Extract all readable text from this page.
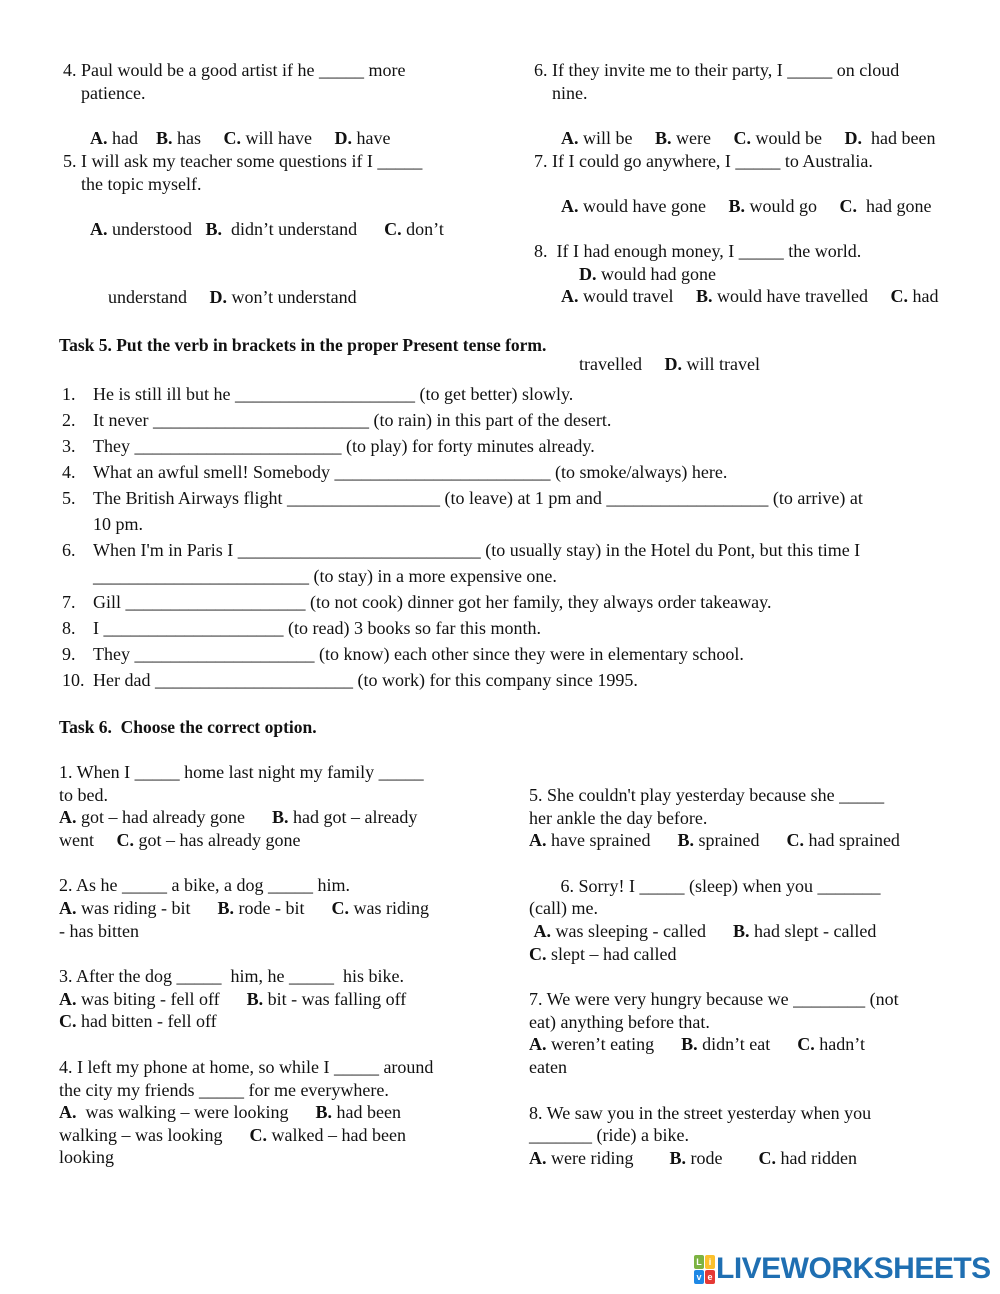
4. Paul would be a good artist if he _____ more
patience.

A. had    B. has     C. will have     D. have

5. I will ask my teacher some questions if I _____
the topic myself.

A. understood   B.  didn’t understand      C. don’t

understand     D. won’t understand

6. If they invite me to their party, I _____ on cloud
nine.

A. will be     B. were     C. would be     D.  had been

7. If I could go anywhere, I _____ to Australia.

A. would have gone     B. would go     C.  had gone

D. would had gone

8.  If I had enough money, I _____ the world.

A. would travel     B. would have travelled     C. had

travelled     D. will travel

Task 5. Put the verb in brackets in the proper Present tense form.
1. He is still ill but he ____________________ (to get better) slowly.
2. It never ________________________ (to rain) in this part of the desert.
3. They _______________________ (to play) for forty minutes already.
4. What an awful smell! Somebody ________________________ (to smoke/always) here.
5. The British Airways flight _________________ (to leave) at 1 pm and __________________ (to arrive) at
10 pm.
6. When I'm in Paris I ___________________________ (to usually stay) in the Hotel du Pont, but this time I
________________________ (to stay) in a more expensive one.
7. Gill ____________________ (to not cook) dinner got her family, they always order takeaway.
8. I ____________________ (to read) 3 books so far this month.
9. They ____________________ (to know) each other since they were in elementary school.
10. Her dad ______________________ (to work) for this company since 1995.
Task 6.  Choose the correct option.
1. When I _____ home last night my family _____
to bed.
A. got – had already gone      B. had got – already
went     C. got – has already gone
2. As he _____ a bike, a dog _____ him.
A. was riding - bit      B. rode - bit      C. was riding
- has bitten
3. After the dog _____  him, he _____  his bike.
A. was biting - fell off      B. bit - was falling off
C. had bitten - fell off
4. I left my phone at home, so while I _____ around
the city my friends _____ for me everywhere.
A.  was walking – were looking      B. had been
walking – was looking      C. walked – had been
looking
5. She couldn't play yesterday because she _____
her ankle the day before.
A. have sprained      B. sprained      C. had sprained
6. Sorry! I _____ (sleep) when you _______
(call) me.
A. was sleeping - called      B. had slept - called
C. slept – had called
7. We were very hungry because we ________ (not
eat) anything before that.
A. weren’t eating      B. didn’t eat      C. hadn’t
eaten
8. We saw you in the street yesterday when you
_______ (ride) a bike.
A. were riding        B. rode        C. had ridden
L i
v e LIVEWORKSHEETS
